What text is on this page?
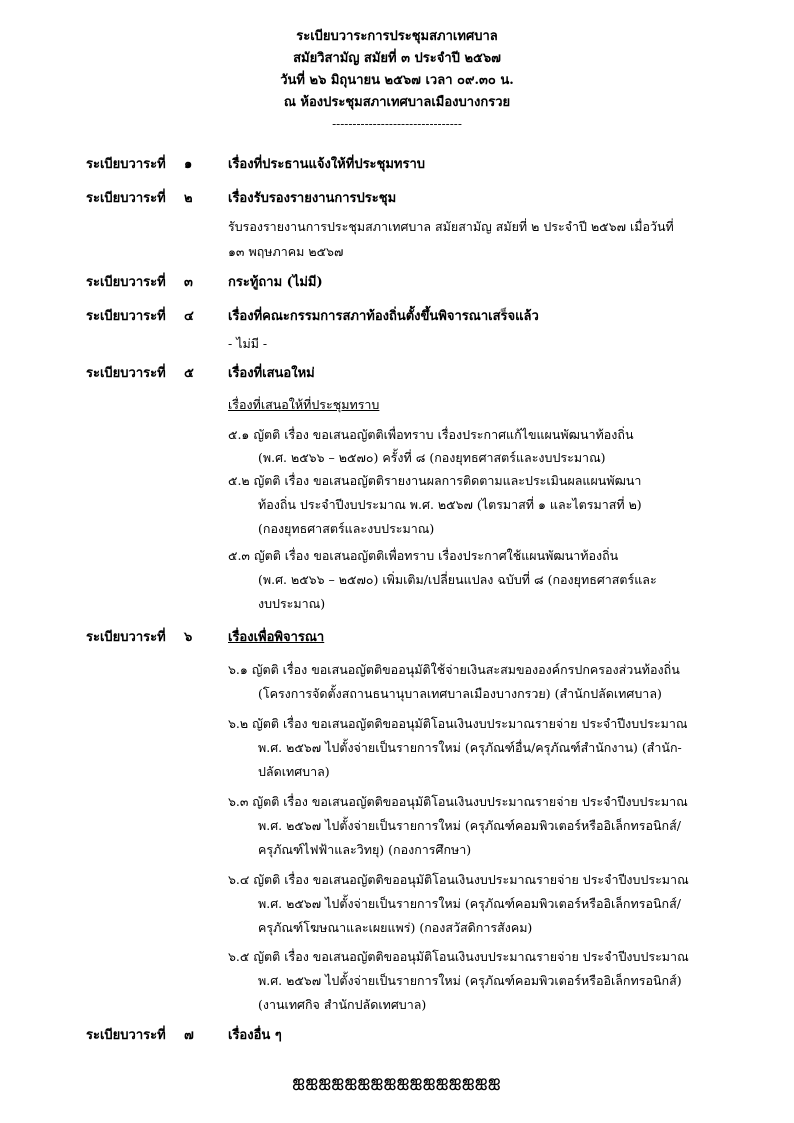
ระเบียบวาระการประชุมสภาเทศบาล
สมัยวิสามัญ สมัยที่ ๓ ประจำปี ๒๕๖๗
วันที่ ๒๖ มิถุนายน ๒๕๖๗ เวลา ๐๙.๓๐ น.
ณ ห้องประชุมสภาเทศบาลเมืองบางกรวย
--------------------------------
ระเบียบวาระที่ ๑	เรื่องที่ประธานแจ้งให้ที่ประชุมทราบ
ระเบียบวาระที่ ๒	เรื่องรับรองรายงานการประชุม
รับรองรายงานการประชุมสภาเทศบาล สมัยสามัญ สมัยที่ ๒ ประจำปี ๒๕๖๗ เมื่อวันที่
๑๓ พฤษภาคม ๒๕๖๗
ระเบียบวาระที่ ๓	กระทู้ถาม (ไม่มี)
ระเบียบวาระที่ ๔	เรื่องที่คณะกรรมการสภาท้องถิ่นตั้งขึ้นพิจารณาเสร็จแล้ว
- ไม่มี -
ระเบียบวาระที่ ๕	เรื่องที่เสนอใหม่
เรื่องที่เสนอให้ที่ประชุมทราบ
๕.๑ ญัตติ เรื่อง ขอเสนอญัตติเพื่อทราบ เรื่องประกาศแก้ไขแผนพัฒนาท้องถิ่น
(พ.ศ. ๒๕๖๖ – ๒๕๗๐) ครั้งที่ ๘ (กองยุทธศาสตร์และงบประมาณ)
๕.๒ ญัตติ เรื่อง ขอเสนอญัตติรายงานผลการติดตามและประเมินผลแผนพัฒนา
ท้องถิ่น ประจำปีงบประมาณ พ.ศ. ๒๕๖๗ (ไตรมาสที่ ๑ และไตรมาสที่ ๒)
(กองยุทธศาสตร์และงบประมาณ)
๕.๓ ญัตติ เรื่อง ขอเสนอญัตติเพื่อทราบ เรื่องประกาศใช้แผนพัฒนาท้องถิ่น
(พ.ศ. ๒๕๖๖ – ๒๕๗๐) เพิ่มเติม/เปลี่ยนแปลง ฉบับที่ ๘ (กองยุทธศาสตร์และ
งบประมาณ)
ระเบียบวาระที่ ๖	เรื่องเพื่อพิจารณา
๖.๑ ญัตติ เรื่อง ขอเสนอญัตติขออนุมัติใช้จ่ายเงินสะสมขององค์กรปกครองส่วนท้องถิ่น
(โครงการจัดตั้งสถานธนานุบาลเทศบาลเมืองบางกรวย) (สำนักปลัดเทศบาล)
๖.๒ ญัตติ เรื่อง ขอเสนอญัตติขออนุมัติโอนเงินงบประมาณรายจ่าย ประจำปีงบประมาณ
พ.ศ. ๒๕๖๗ ไปตั้งจ่ายเป็นรายการใหม่ (ครุภัณฑ์อื่น/ครุภัณฑ์สำนักงาน) (สำนัก-
ปลัดเทศบาล)
๖.๓ ญัตติ เรื่อง ขอเสนอญัตติขออนุมัติโอนเงินงบประมาณรายจ่าย ประจำปีงบประมาณ
พ.ศ. ๒๕๖๗ ไปตั้งจ่ายเป็นรายการใหม่ (ครุภัณฑ์คอมพิวเตอร์หรืออิเล็กทรอนิกส์/
ครุภัณฑ์ไฟฟ้าและวิทยุ) (กองการศึกษา)
๖.๔ ญัตติ เรื่อง ขอเสนอญัตติขออนุมัติโอนเงินงบประมาณรายจ่าย ประจำปีงบประมาณ
พ.ศ. ๒๕๖๗ ไปตั้งจ่ายเป็นรายการใหม่ (ครุภัณฑ์คอมพิวเตอร์หรืออิเล็กทรอนิกส์/
ครุภัณฑ์โฆษณาและเผยแพร่) (กองสวัสดิการสังคม)
๖.๕ ญัตติ เรื่อง ขอเสนอญัตติขออนุมัติโอนเงินงบประมาณรายจ่าย ประจำปีงบประมาณ
พ.ศ. ๒๕๖๗ ไปตั้งจ่ายเป็นรายการใหม่ (ครุภัณฑ์คอมพิวเตอร์หรืออิเล็กทรอนิกส์)
(งานเทศกิจ สำนักปลัดเทศบาล)
ระเบียบวาระที่ ๗	เรื่องอื่น ๆ
ஐஐஐஐஐஐஐஐஐஐஐஐஐஐஐஐ
